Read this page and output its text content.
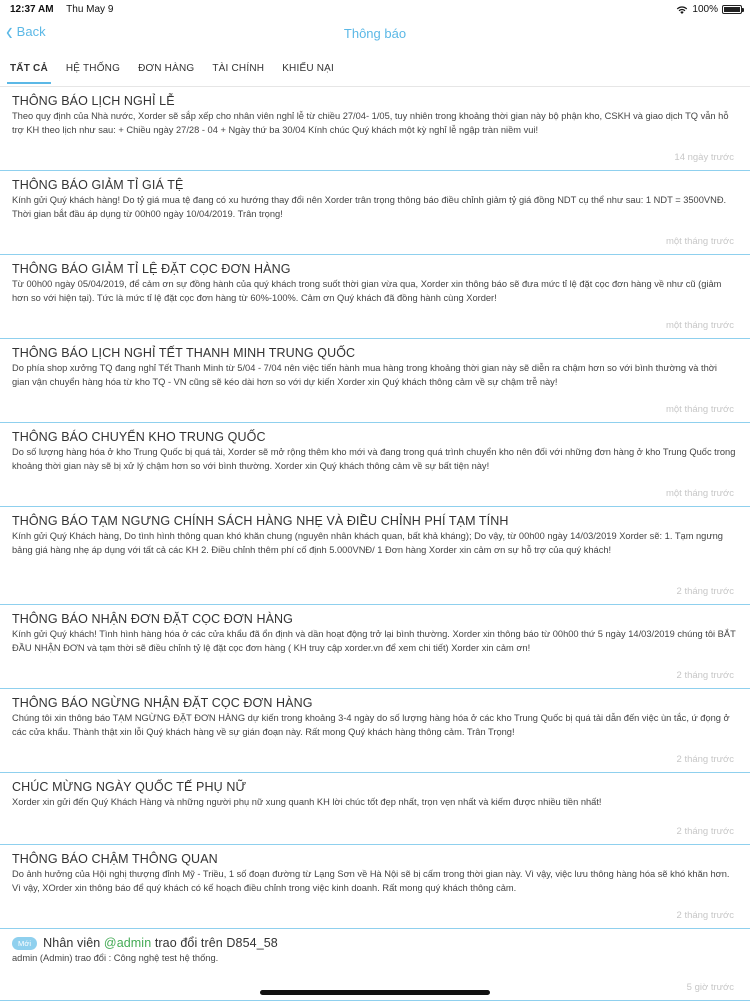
12:37 AM Thu May 9	100%
‹ Back	Thông báo
TẤT CẢ HỆ THỐNG ĐƠN HÀNG TÀI CHÍNH KHIẾU NẠI
THÔNG BÁO LỊCH NGHỈ LỄ
Theo quy định của Nhà nước, Xorder sẽ sắp xếp cho nhân viên nghỉ lễ từ chiều 27/04- 1/05, tuy nhiên trong khoảng thời gian này bộ phận kho, CSKH và giao dịch TQ vẫn hỗ trợ KH theo lịch như sau: + Chiều ngày 27/28 - 04 + Ngày thứ ba 30/04 Kính chúc Quý khách một kỳ nghỉ lễ ngập tràn niềm vui!
14 ngày trước
THÔNG BÁO GIẢM TỈ GIÁ TỆ
Kính gửi Quý khách hàng! Do tỷ giá mua tệ đang có xu hướng thay đổi nên Xorder trân trọng thông báo điều chỉnh giảm tỷ giá đồng NDT cụ thể như sau: 1 NDT = 3500VNĐ. Thời gian bắt đầu áp dụng từ 00h00 ngày 10/04/2019. Trân trọng!
một tháng trước
THÔNG BÁO GIẢM TỈ LỆ ĐẶT CỌC ĐƠN HÀNG
Từ 00h00 ngày 05/04/2019, để cảm ơn sự đồng hành của quý khách trong suốt thời gian vừa qua, Xorder xin thông báo sẽ đưa mức tỉ lệ đặt cọc đơn hàng về như cũ (giảm hơn so với hiện tại). Tức là mức tỉ lệ đặt cọc đơn hàng từ 60%-100%. Cảm ơn Quý khách đã đồng hành cùng Xorder!
một tháng trước
THÔNG BÁO LỊCH NGHỈ TẾT THANH MINH TRUNG QUỐC
Do phía shop xưởng TQ đang nghỉ Tết Thanh Minh từ 5/04 - 7/04 nên việc tiến hành mua hàng trong khoảng thời gian này sẽ diễn ra chậm hơn so với bình thường và thời gian vận chuyển hàng hóa từ kho TQ - VN cũng sẽ kéo dài hơn so với dự kiến Xorder xin Quý khách thông cảm về sự chậm trễ này!
một tháng trước
THÔNG BÁO CHUYỂN KHO TRUNG QUỐC
Do số lượng hàng hóa ở kho Trung Quốc bị quá tải, Xorder sẽ mở rộng thêm kho mới và đang trong quá trình chuyển kho nên đối với những đơn hàng ở kho Trung Quốc trong khoảng thời gian này sẽ bị xử lý chậm hơn so với bình thường. Xorder xin Quý khách thông cảm về sự bất tiện này!
một tháng trước
THÔNG BÁO TẠM NGƯNG CHÍNH SÁCH HÀNG NHẸ VÀ ĐIỀU CHỈNH PHÍ TẠM TÍNH
Kính gửi Quý Khách hàng, Do tình hình thông quan khó khăn chung (nguyên nhân khách quan, bất khả kháng); Do vậy, từ 00h00 ngày 14/03/2019 Xorder sẽ: 1. Tạm ngưng bảng giá hàng nhẹ áp dụng với tất cả các KH 2. Điều chỉnh thêm phí cố định 5.000VNĐ/ 1 Đơn hàng Xorder xin cảm ơn sự hỗ trợ của quý khách!
2 tháng trước
THÔNG BÁO NHẬN ĐƠN ĐẶT CỌC ĐƠN HÀNG
Kính gửi Quý khách! Tình hình hàng hóa ở các cửa khẩu đã ổn định và dần hoạt động trở lại bình thường. Xorder xin thông báo từ 00h00 thứ 5 ngày 14/03/2019 chúng tôi BẮT ĐẦU NHẬN ĐƠN và tạm thời sẽ điều chỉnh tỷ lệ đặt cọc đơn hàng ( KH truy cập xorder.vn để xem chi tiết) Xorder xin cảm ơn!
2 tháng trước
THÔNG BÁO NGỪNG NHẬN ĐẶT CỌC ĐƠN HÀNG
Chúng tôi xin thông báo TẠM NGỪNG ĐẶT ĐƠN HÀNG dự kiến trong khoảng 3-4 ngày do số lượng hàng hóa ở các kho Trung Quốc bị quá tải dẫn đến việc ùn tắc, ứ đọng ở các cửa khẩu. Thành thật xin lỗi Quý khách hàng về sự gián đoạn này. Rất mong Quý khách hàng thông cảm. Trân Trọng!
2 tháng trước
CHÚC MỪNG NGÀY QUỐC TẾ PHỤ NỮ
Xorder xin gửi đến Quý Khách Hàng và những người phụ nữ xung quanh KH lời chúc tốt đẹp nhất, trọn vẹn nhất và kiếm được nhiều tiền nhất!
2 tháng trước
THÔNG BÁO CHẬM THÔNG QUAN
Do ảnh hưởng của Hội nghị thượng đỉnh Mỹ - Triều, 1 số đoạn đường từ Lạng Sơn về Hà Nội sẽ bị cấm trong thời gian này. Vì vậy, việc lưu thông hàng hóa sẽ khó khăn hơn. Vì vậy, XOrder xin thông báo để quý khách có kế hoạch điều chỉnh trong việc kinh doanh. Rất mong quý khách thông cảm.
2 tháng trước
Mới Nhân viên
@admin
trao đổi trên D854_58
admin (Admin) trao đổi : Công nghệ test hệ thống.
5 giờ trước
